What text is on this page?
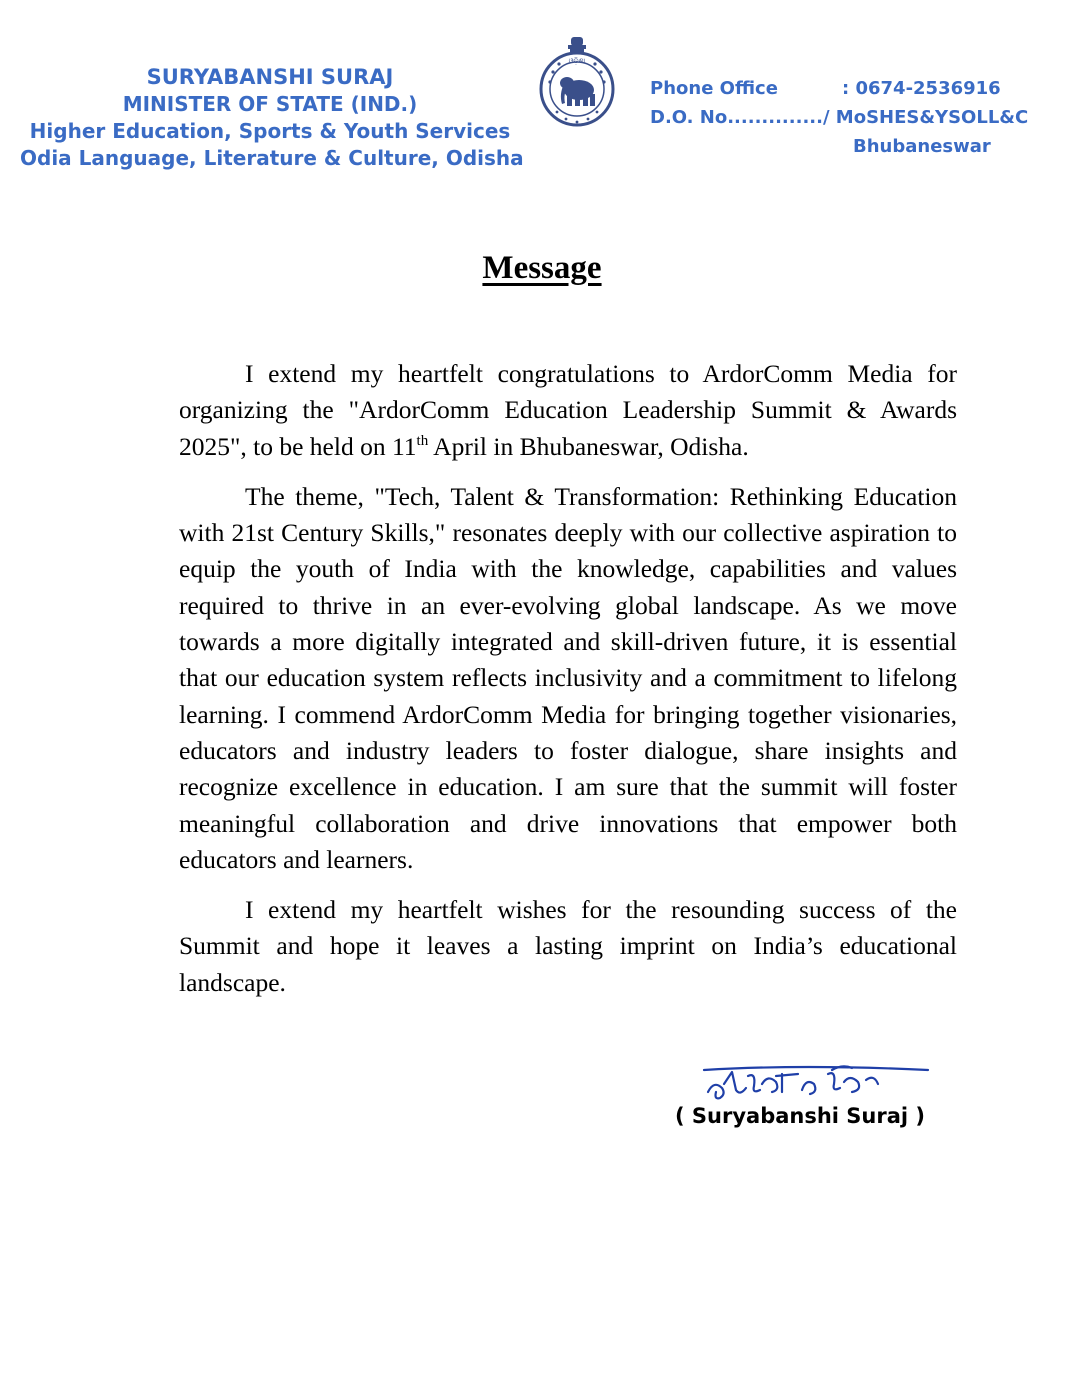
SURYABANSHI SURAJ
MINISTER OF STATE (IND.)
Higher Education, Sports & Youth Services
Odia Language, Literature & Culture, Odisha
ଓଡ଼ିଶା
Phone Office	: 0674-2536916
D.O. No............../ MoSHES&YSOLL&C
Bhubaneswar
Message

I extend my heartfelt congratulations to ArdorComm Media for organizing the "ArdorComm Education Leadership Summit & Awards 2025", to be held on 11th April in Bhubaneswar, Odisha.

The theme, "Tech, Talent & Transformation: Rethinking Education with 21st Century Skills," resonates deeply with our collective aspiration to equip the youth of India with the knowledge, capabilities and values required to thrive in an ever-evolving global landscape. As we move towards a more digitally integrated and skill-driven future, it is essential that our education system reflects inclusivity and a commitment to lifelong learning. I commend ArdorComm Media for bringing together visionaries, educators and industry leaders to foster dialogue, share insights and recognize excellence in education. I am sure that the summit will foster meaningful collaboration and drive innovations that empower both educators and learners.

I extend my heartfelt wishes for the resounding success of the Summit and hope it leaves a lasting imprint on India’s educational landscape.

( Suryabanshi Suraj )
